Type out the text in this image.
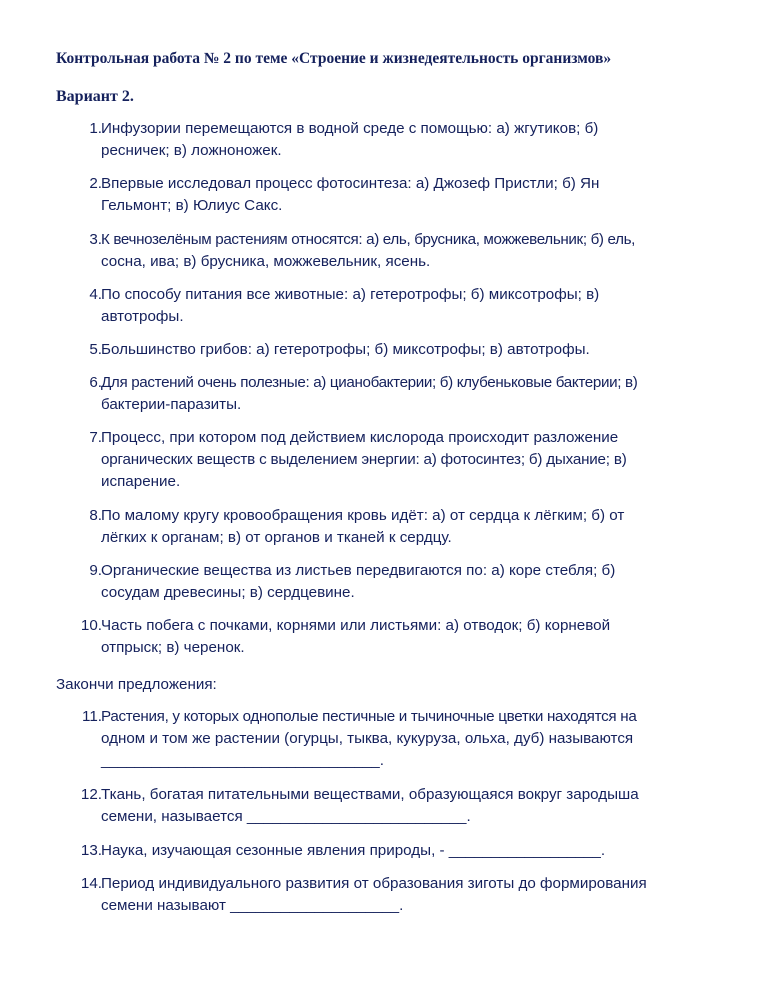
Контрольная работа № 2 по теме «Строение и жизнедеятельность организмов»
Вариант 2.
1. Инфузории перемещаются в водной среде с помощью: а) жгутиков; б)
ресничек; в) ложноножек.
2. Впервые исследовал процесс фотосинтеза: а) Джозеф Пристли; б) Ян
Гельмонт; в) Юлиус Сакс.
3. К вечнозелёным растениям относятся: а) ель, брусника, можжевельник; б) ель,
сосна, ива; в) брусника, можжевельник, ясень.
4. По способу питания все животные: а) гетеротрофы; б) миксотрофы; в)
автотрофы.
5. Большинство грибов: а) гетеротрофы; б) миксотрофы; в) автотрофы.
6. Для растений очень полезные: а) цианобактерии; б) клубеньковые бактерии; в)
бактерии-паразиты.
7. Процесс, при котором под действием кислорода происходит разложение
органических веществ с выделением энергии: а) фотосинтез; б) дыхание; в)
испарение.
8. По малому кругу кровообращения кровь идёт: а) от сердца к лёгким; б) от
лёгких к органам; в) от органов и тканей к сердцу.
9. Органические вещества из листьев передвигаются по: а) коре стебля; б)
сосудам древесины; в) сердцевине.
10. Часть побега с почками, корнями или листьями: а) отводок; б) корневой
отпрыск; в) черенок.
Закончи предложения:
11. Растения, у которых однополые пестичные и тычиночные цветки находятся на
одном и том же растении (огурцы, тыква, кукуруза, ольха, дуб) называются
_________________________________.
12. Ткань, богатая питательными веществами, образующаяся вокруг зародыша
семени, называется __________________________.
13. Наука, изучающая сезонные явления природы, - __________________.
14. Период индивидуального развития от образования зиготы до формирования
семени называют ____________________.
